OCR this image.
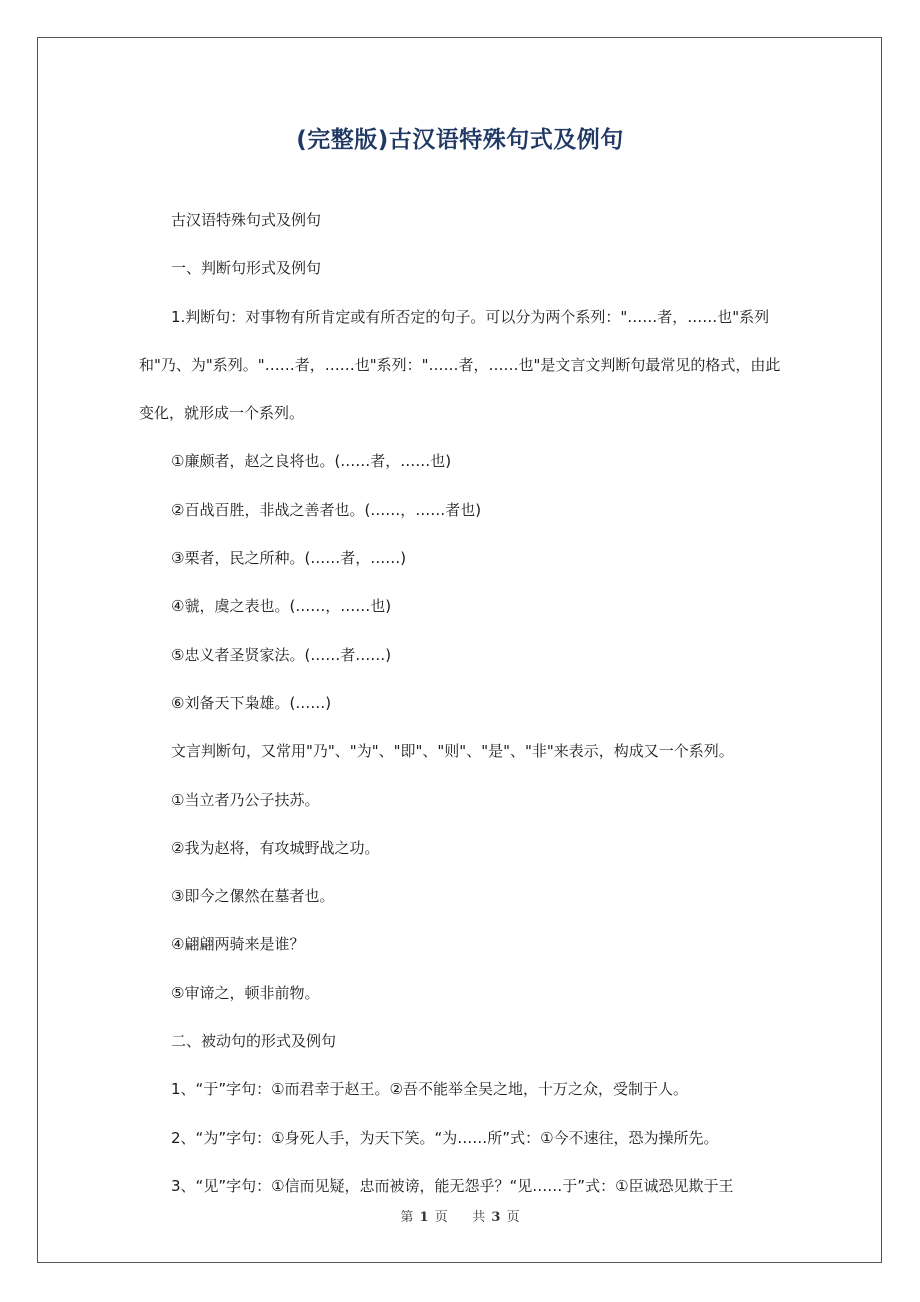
(完整版)古汉语特殊句式及例句

古汉语特殊句式及例句

一、判断句形式及例句

1.判断句：对事物有所肯定或有所否定的句子。可以分为两个系列："……者，……也"系列和"乃、为"系列。"……者，……也"系列："……者，……也"是文言文判断句最常见的格式，由此变化，就形成一个系列。

①廉颇者，赵之良将也。(……者，……也)

②百战百胜，非战之善者也。(……，……者也)

③栗者，民之所种。(……者，……)

④虢，虞之表也。(……，……也)

⑤忠义者圣贤家法。(……者……)

⑥刘备天下枭雄。(……)

文言判断句，又常用"乃"、"为"、"即"、"则"、"是"、"非"来表示，构成又一个系列。

①当立者乃公子扶苏。

②我为赵将，有攻城野战之功。

③即今之傫然在墓者也。

④翩翩两骑来是谁？

⑤审谛之，顿非前物。

二、被动句的形式及例句

1、“于”字句：①而君幸于赵王。②吾不能举全吴之地，十万之众，受制于人。

2、“为”字句：①身死人手，为天下笑。“为……所”式：①今不速往，恐为操所先。

3、“见”字句：①信而见疑，忠而被谤，能无怨乎？“见……于”式：①臣诚恐见欺于王

第 1 页 共 3 页
